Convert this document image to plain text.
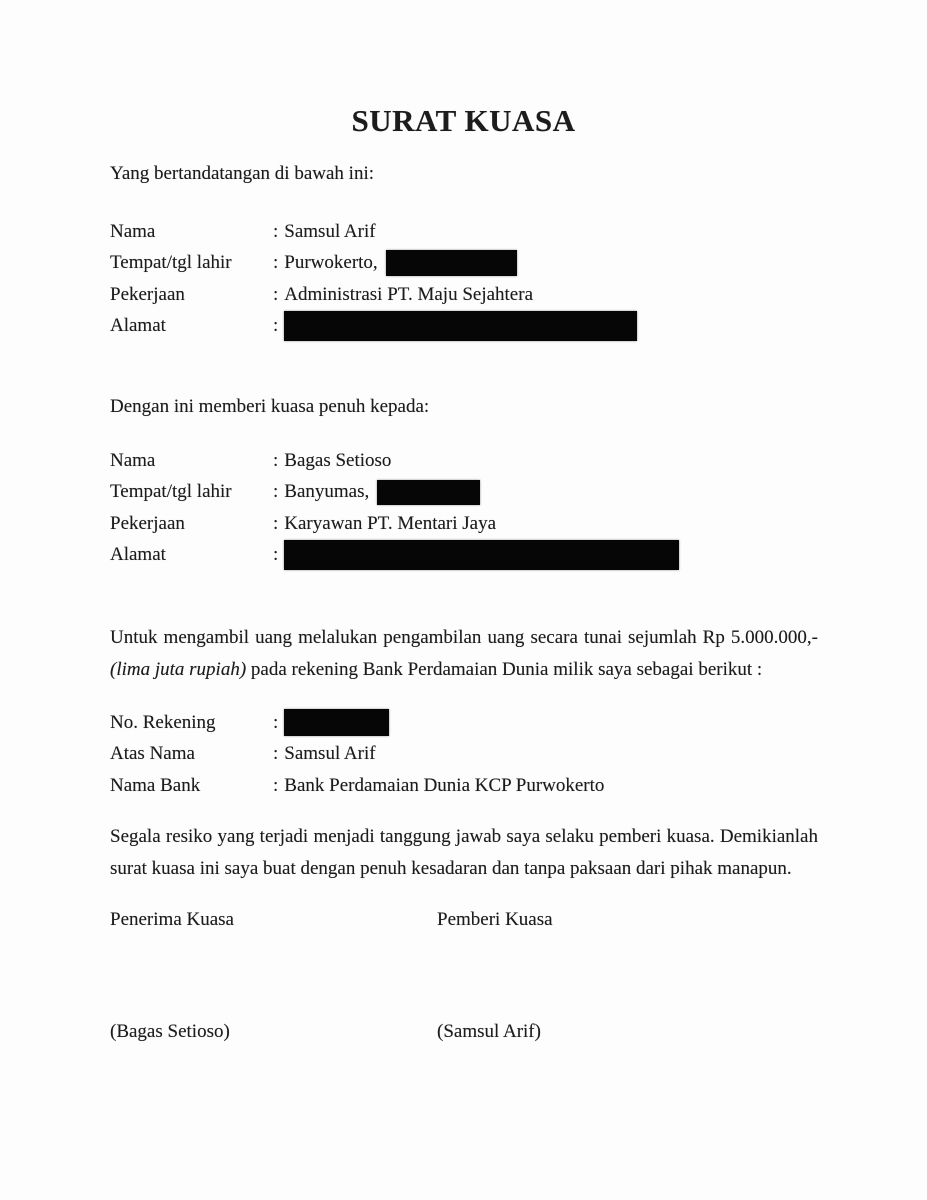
SURAT KUASA

Yang bertandatangan di bawah ini:

Nama	: Samsul Arif
Tempat/tgl lahir	: Purwokerto,
Pekerjaan	: Administrasi PT. Maju Sejahtera
Alamat	:

Dengan ini memberi kuasa penuh kepada:

Nama	: Bagas Setioso
Tempat/tgl lahir	: Banyumas,
Pekerjaan	: Karyawan PT. Mentari Jaya
Alamat	:

Untuk mengambil uang melalukan pengambilan uang secara tunai sejumlah Rp 5.000.000,-
(lima juta rupiah) pada rekening Bank Perdamaian Dunia milik saya sebagai berikut :

No. Rekening	:
Atas Nama	: Samsul Arif
Nama Bank	: Bank Perdamaian Dunia KCP Purwokerto

Segala resiko yang terjadi menjadi tanggung jawab saya selaku pemberi kuasa. Demikianlah
surat kuasa ini saya buat dengan penuh kesadaran dan tanpa paksaan dari pihak manapun.

Penerima Kuasa	Pemberi Kuasa

(Bagas Setioso)	(Samsul Arif)
